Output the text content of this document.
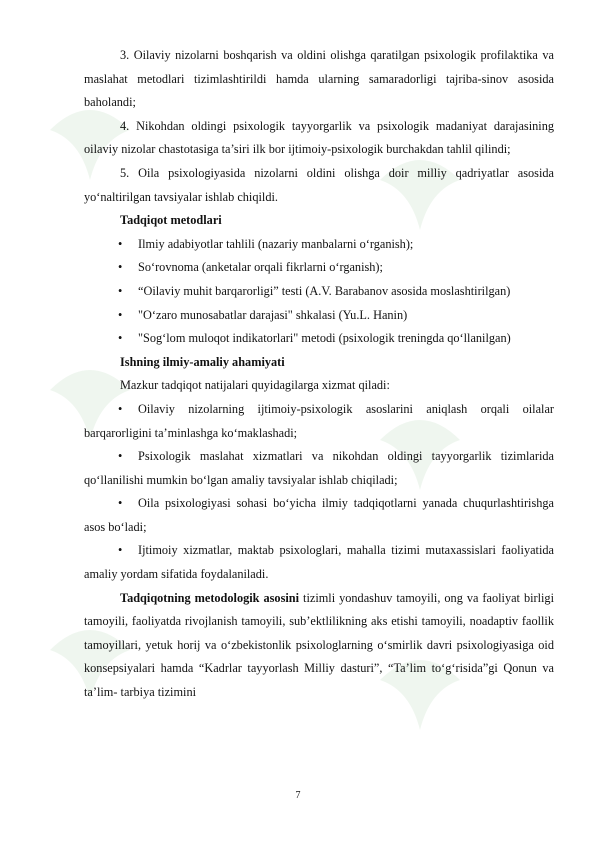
3. Oilaviy nizolarni boshqarish va oldini olishga qaratilgan psixologik profilaktika va maslahat metodlari tizimlashtirildi hamda ularning samaradorligi tajriba-sinov asosida baholandi;

4. Nikohdan oldingi psixologik tayyorgarlik va psixologik madaniyat darajasining oilaviy nizolar chastotasiga ta’siri ilk bor ijtimoiy-psixologik burchakdan tahlil qilindi;

5. Oila psixologiyasida nizolarni oldini olishga doir milliy qadriyatlar asosida yo‘naltirilgan tavsiyalar ishlab chiqildi.

Tadqiqot metodlari

• Ilmiy adabiyotlar tahlili (nazariy manbalarni o‘rganish);

• So‘rovnoma (anketalar orqali fikrlarni o‘rganish);

• “Oilaviy muhit barqarorligi” testi (A.V. Barabanov asosida moslashtirilgan)

• "O‘zaro munosabatlar darajasi" shkalasi (Yu.L. Hanin)

• "Sog‘lom muloqot indikatorlari" metodi (psixologik treningda qo‘llanilgan)

Ishning ilmiy-amaliy ahamiyati

Mazkur tadqiqot natijalari quyidagilarga xizmat qiladi:

• Oilaviy nizolarning ijtimoiy-psixologik asoslarini aniqlash orqali oilalar barqarorligini ta’minlashga ko‘maklashadi;

• Psixologik maslahat xizmatlari va nikohdan oldingi tayyorgarlik tizimlarida qo‘llanilishi mumkin bo‘lgan amaliy tavsiyalar ishlab chiqiladi;

• Oila psixologiyasi sohasi bo‘yicha ilmiy tadqiqotlarni yanada chuqurlashtirishga asos bo‘ladi;

• Ijtimoiy xizmatlar, maktab psixologlari, mahalla tizimi mutaxassislari faoliyatida amaliy yordam sifatida foydalaniladi.

Tadqiqotning metodologik asosini tizimli yondashuv tamoyili, ong va faoliyat birligi tamoyili, faoliyatda rivojlanish tamoyili, sub’ektlilikning aks etishi tamoyili, noadaptiv faollik tamoyillari, yetuk horij va o‘zbekistonlik psixologlarning o‘smirlik davri psixologiyasiga oid konsepsiyalari hamda “Kadrlar tayyorlash Milliy dasturi”, “Ta’lim to‘g‘risida”gi Qonun va ta’lim- tarbiya tizimini

7
